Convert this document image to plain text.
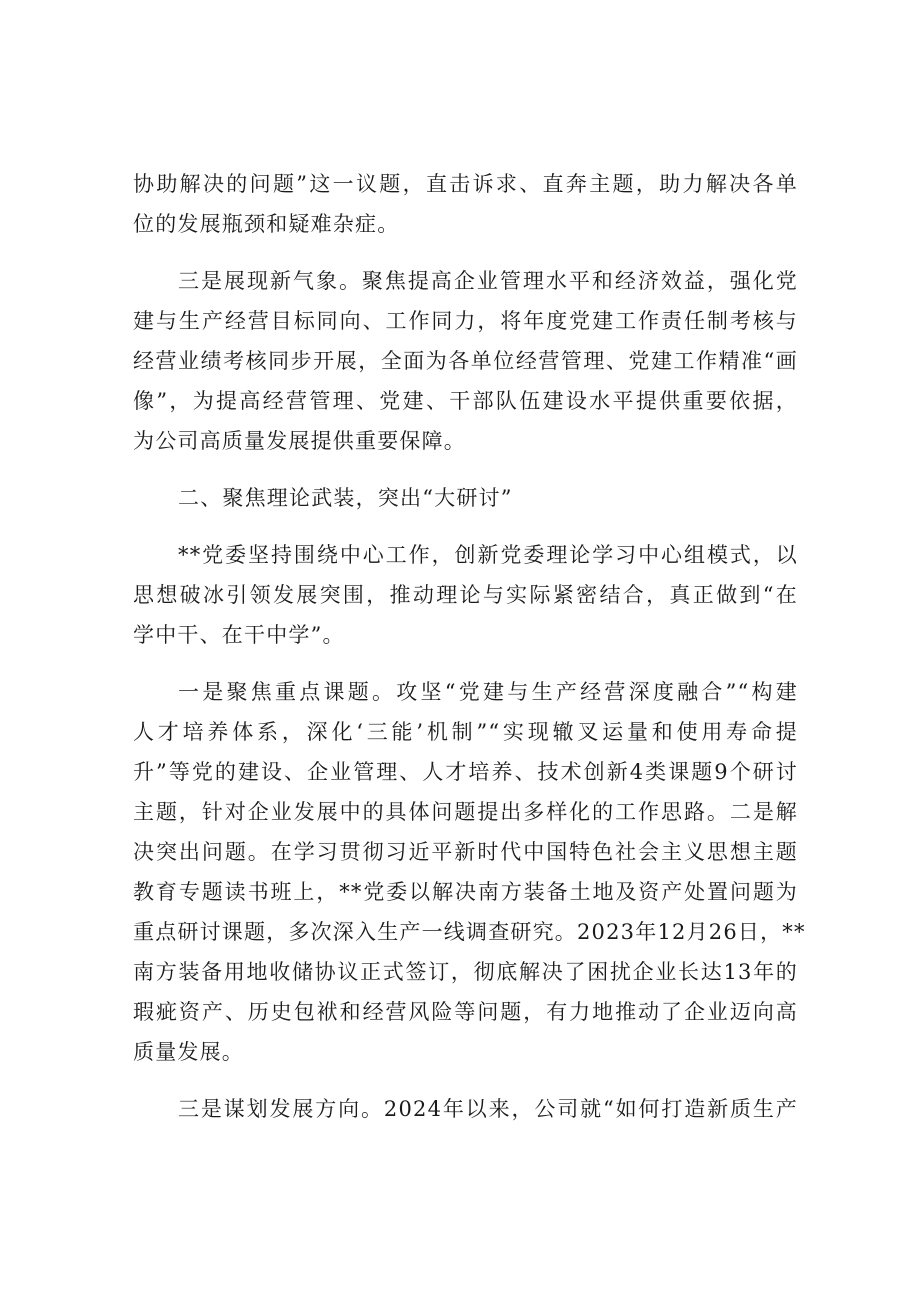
协助解决的问题”这一议题，直击诉求、直奔主题，助力解决各单
位的发展瓶颈和疑难杂症。
三是展现新气象。聚焦提高企业管理水平和经济效益，强化党
建与生产经营目标同向、工作同力，将年度党建工作责任制考核与
经营业绩考核同步开展，全面为各单位经营管理、党建工作精准“画
像”，为提高经营管理、党建、干部队伍建设水平提供重要依据，
为公司高质量发展提供重要保障。
二、聚焦理论武装，突出“大研讨”
**党委坚持围绕中心工作，创新党委理论学习中心组模式，以
思想破冰引领发展突围，推动理论与实际紧密结合，真正做到“在
学中干、在干中学”。
一是聚焦重点课题。攻坚“党建与生产经营深度融合”“构建
人才培养体系，深化‘三能’机制”“实现辙叉运量和使用寿命提
升”等党的建设、企业管理、人才培养、技术创新4类课题9个研讨
主题，针对企业发展中的具体问题提出多样化的工作思路。二是解
决突出问题。在学习贯彻习近平新时代中国特色社会主义思想主题
教育专题读书班上，**党委以解决南方装备土地及资产处置问题为
重点研讨课题，多次深入生产一线调查研究。2023年12月26日，**
南方装备用地收储协议正式签订，彻底解决了困扰企业长达13年的
瑕疵资产、历史包袱和经营风险等问题，有力地推动了企业迈向高
质量发展。
三是谋划发展方向。2024年以来，公司就“如何打造新质生产
